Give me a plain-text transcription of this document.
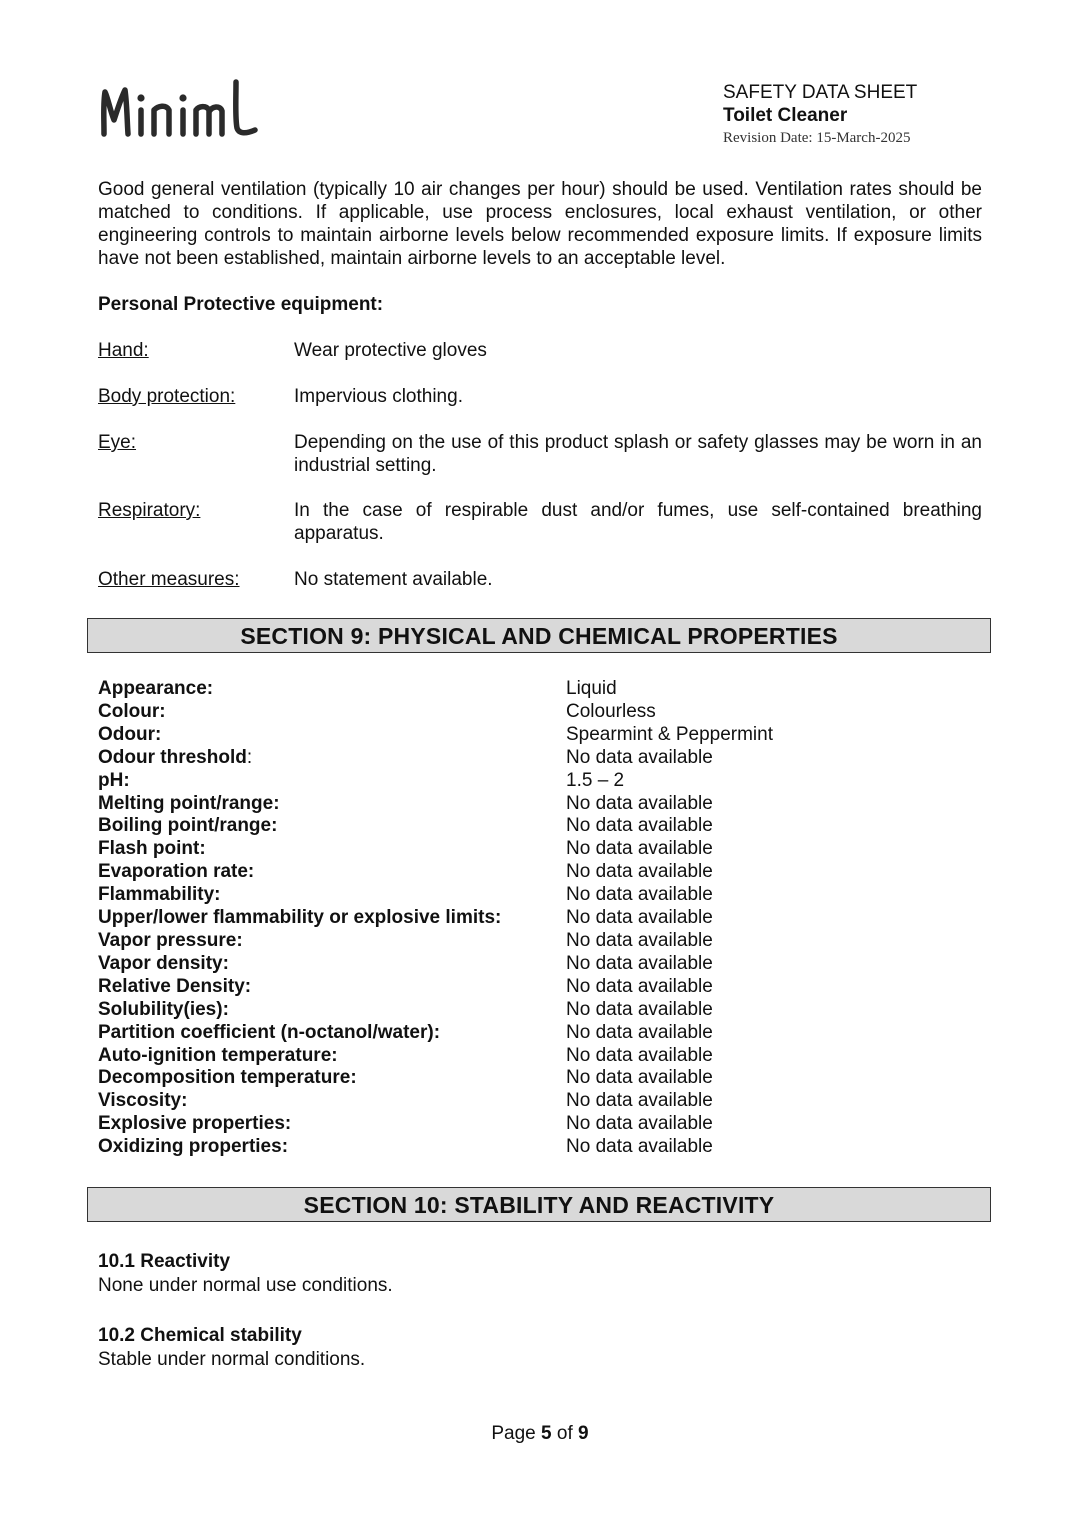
SAFETY DATA SHEET
Toilet Cleaner
Revision Date: 15-March-2025

Good general ventilation (typically 10 air changes per hour) should be used. Ventilation rates should be matched to conditions. If applicable, use process enclosures, local exhaust ventilation, or other engineering controls to maintain airborne levels below recommended exposure limits. If exposure limits have not been established, maintain airborne levels to an acceptable level.

Personal Protective equipment:

Hand:	Wear protective gloves
Body protection:	Impervious clothing.
Eye:	Depending on the use of this product splash or safety glasses may be worn in an industrial setting.
Respiratory:	In the case of respirable dust and/or fumes, use self-contained breathing apparatus.
Other measures:	No statement available.
SECTION 9: PHYSICAL AND CHEMICAL PROPERTIES
Appearance:	Liquid
Colour:	Colourless
Odour:	Spearmint & Peppermint
Odour threshold:	No data available
pH:	1.5 – 2
Melting point/range:	No data available
Boiling point/range:	No data available
Flash point:	No data available
Evaporation rate:	No data available
Flammability:	No data available
Upper/lower flammability or explosive limits:	No data available
Vapor pressure:	No data available
Vapor density:	No data available
Relative Density:	No data available
Solubility(ies):	No data available
Partition coefficient (n-octanol/water):	No data available
Auto-ignition temperature:	No data available
Decomposition temperature:	No data available
Viscosity:	No data available
Explosive properties:	No data available
Oxidizing properties:	No data available
SECTION 10: STABILITY AND REACTIVITY
10.1 Reactivity
None under normal use conditions.
10.2 Chemical stability
Stable under normal conditions.
Page 5 of 9
